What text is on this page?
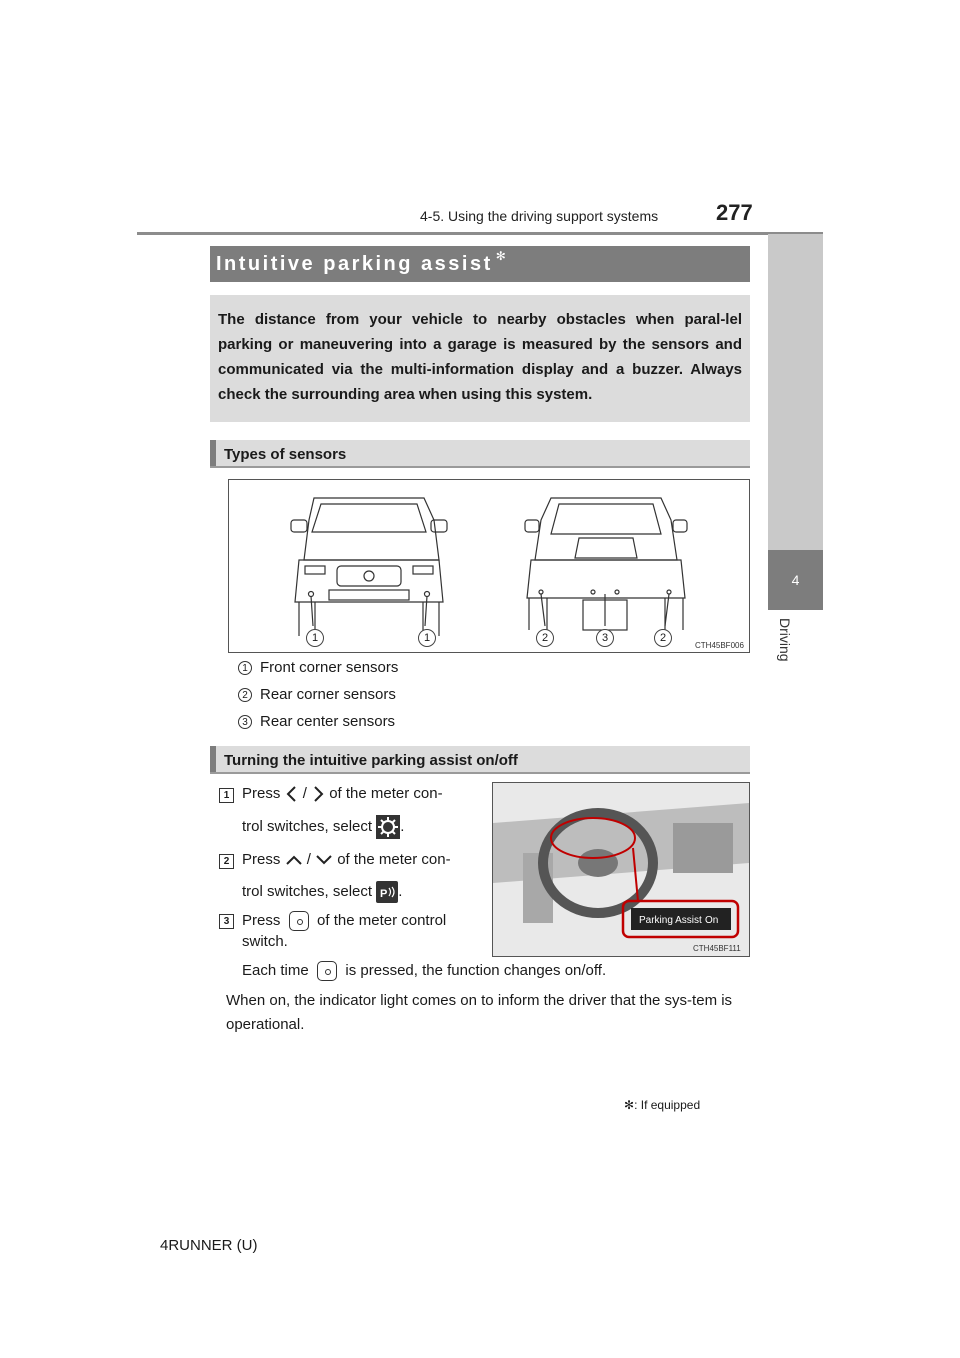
4-5. Using the driving support systems	277
4
Driving
Intuitive parking assist ✻
The distance from your vehicle to nearby obstacles when paral-lel parking or maneuvering into a garage is measured by the sensors and communicated via the multi-information display and a buzzer. Always check the surrounding area when using this system.
Types of sensors
1	1	2	3	2
CTH45BF006
1 Front corner sensors
2 Rear corner sensors
3 Rear center sensors
Turning the intuitive parking assist on/off
1 Press / of the meter con-
trol switches, select .
2 Press / of the meter con-
trol switches, select P .
3 Press of the meter control
switch.
Each time is pressed, the function changes on/off.
Parking Assist On
CTH45BF111
When on, the indicator light comes on to inform the driver that the sys-tem is operational.
✻: If equipped
4RUNNER (U)
